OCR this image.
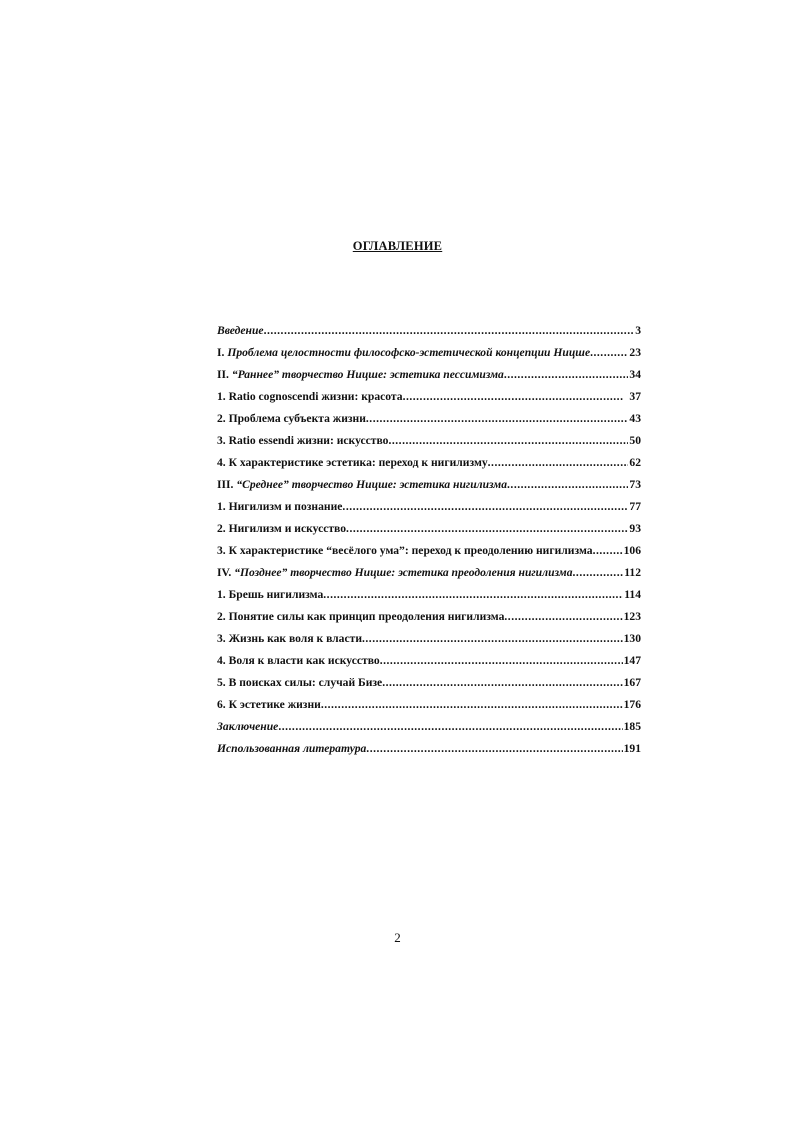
ОГЛАВЛЕНИЕ
Введение .....	3
I. Проблема целостности философско-эстетической концепции Ницше .....	23
II. “Раннее” творчество Ницше: эстетика пессимизма .....	34
1. Ratio cognoscendi жизни: красота .....	37
2. Проблема субъекта жизни .....	43
3. Ratio essendi жизни: искусство .....	50
4. К характеристике эстетика: переход к нигилизму .....	62
III. “Среднее” творчество Ницше: эстетика нигилизма .....	73
1. Нигилизм и познание .....	77
2. Нигилизм и искусство .....	93
3. К характеристике “весёлого ума”: переход к преодолению нигилизма .....	106
IV. “Позднее” творчество Ницше: эстетика преодоления нигилизма .....	112
1. Брешь нигилизма .....	114
2. Понятие силы как принцип преодоления нигилизма .....	123
3. Жизнь как воля к власти .....	130
4. Воля к власти как искусство .....	147
5. В поисках силы: случай Бизе .....	167
6. К эстетике жизни .....	176
Заключение .....	185
Использованная литература .....	191
2
